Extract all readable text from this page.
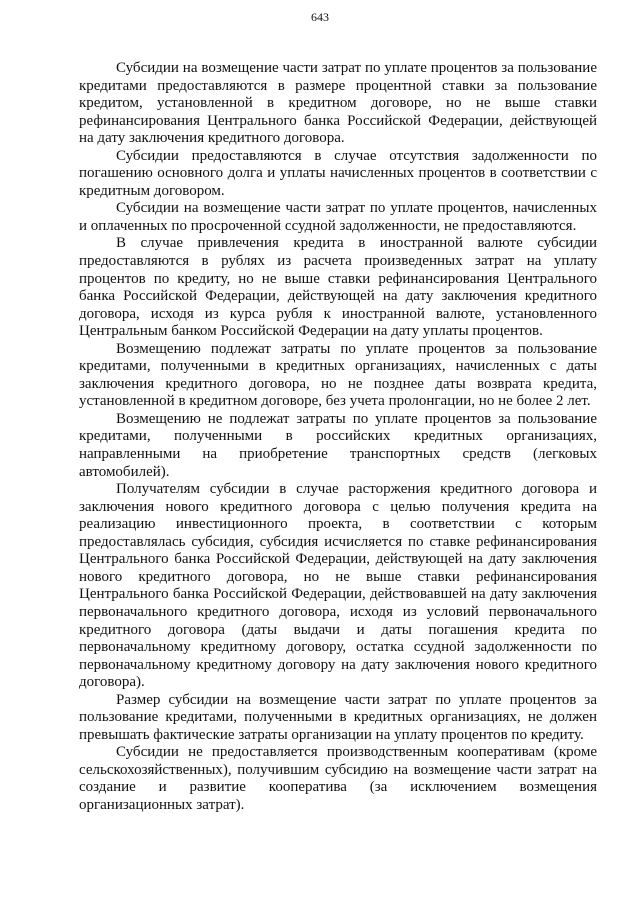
643

Субсидии на возмещение части затрат по уплате процентов за пользование кредитами предоставляются в размере процентной ставки за пользование кредитом, установленной в кредитном договоре, но не выше ставки рефинансирования Центрального банка Российской Федерации, действующей на дату заключения кредитного договора.

Субсидии предоставляются в случае отсутствия задолженности по погашению основного долга и уплаты начисленных процентов в соответствии с кредитным договором.

Субсидии на возмещение части затрат по уплате процентов, начисленных и оплаченных по просроченной ссудной задолженности, не предоставляются.

В случае привлечения кредита в иностранной валюте субсидии предоставляются в рублях из расчета произведенных затрат на уплату процентов по кредиту, но не выше ставки рефинансирования Центрального банка Российской Федерации, действующей на дату заключения кредитного договора, исходя из курса рубля к иностранной валюте, установленного Центральным банком Российской Федерации на дату уплаты процентов.

Возмещению подлежат затраты по уплате процентов за пользование кредитами, полученными в кредитных организациях, начисленных с даты заключения кредитного договора, но не позднее даты возврата кредита, установленной в кредитном договоре, без учета пролонгации, но не более 2 лет.

Возмещению не подлежат затраты по уплате процентов за пользование кредитами, полученными в российских кредитных организациях, направленными на приобретение транспортных средств (легковых автомобилей).

Получателям субсидии в случае расторжения кредитного договора и заключения нового кредитного договора с целью получения кредита на реализацию инвестиционного проекта, в соответствии с которым предоставлялась субсидия, субсидия исчисляется по ставке рефинансирования Центрального банка Российской Федерации, действующей на дату заключения нового кредитного договора, но не выше ставки рефинансирования Центрального банка Российской Федерации, действовавшей на дату заключения первоначального кредитного договора, исходя из условий первоначального кредитного договора (даты выдачи и даты погашения кредита по первоначальному кредитному договору, остатка ссудной задолженности по первоначальному кредитному договору на дату заключения нового кредитного договора).

Размер субсидии на возмещение части затрат по уплате процентов за пользование кредитами, полученными в кредитных организациях, не должен превышать фактические затраты организации на уплату процентов по кредиту.

Субсидии не предоставляется производственным кооперативам (кроме сельскохозяйственных), получившим субсидию на возмещение части затрат на создание и развитие кооператива (за исключением возмещения организационных затрат).
